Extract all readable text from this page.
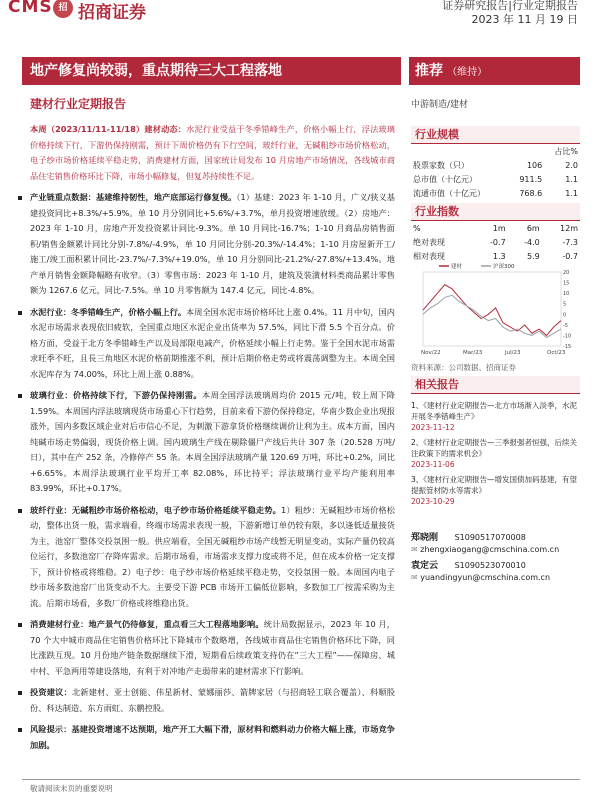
CMS 招 招商证券	证券研究报告|行业定期报告
2023 年 11 月 19 日
地产修复尚较弱，重点期待三大工程落地	推荐 （维持）
建材行业定期报告	中游制造/建材

本周（2023/11/11-11/18）建材动态：水泥行业受益于冬季错峰生产，价格小幅上行，浮法玻璃价格持续下行，下游仍保持刚需，预计下周价格仍有下行空间，玻纤行业，无碱粗纱市场价格松动，电子纱市场价格延续平稳走势，消费建材方面，国家统计局发布 10 月房地产市场情况，各线城市商品住宅销售价格环比下降，市场小幅修复，但复苏持续性不足。

产业链重点数据：基建维持韧性，地产底部运行修复慢。（1）基建：2023 年 1-10 月，广义/狭义基建投资同比+8.3%/+5.9%。单 10 月分别同比+5.6%/+3.7%，单月投资增速放缓。（2）房地产：2023 年 1-10 月，房地产开发投资累计同比-9.3%。单 10 月同比-16.7%；1-10 月商品房销售面积/销售金额累计同比分别-7.8%/-4.9%，单 10 月同比分别-20.3%/-14.4%；1-10 月房屋新开工/施工/竣工面积累计同比-23.7%/-7.3%/+19.0%，单 10 月分别同比-21.2%/-27.8%/+13.4%。地产单月销售金额降幅略有收窄。（3）零售市场：2023 年 1-10 月，建筑及装潢材料类商品累计零售额为 1267.6 亿元，同比-7.5%。单 10 月零售额为 147.4 亿元，同比-4.8%。

水泥行业：冬季错峰生产，价格小幅上行。本周全国水泥市场价格环比上涨 0.4%。11 月中旬，国内水泥市场需求表现依旧疲软，全国重点地区水泥企业出货率为 57.5%，同比下滑 5.5 个百分点。价格方面，受益于北方冬季错峰生产以及局部限电减产，价格延续小幅上行走势。鉴于全国水泥市场需求旺季不旺，且長三角地区水泥价格前期推涨不利，预计后期价格走势或将震荡调整为主。本周全国水泥库存为 74.00%，环比上周上涨 0.88%。

玻璃行业：价格持续下行，下游仍保持刚需。本周全国浮法玻璃周均价 2015 元/吨，较上周下降 1.59%。本周国内浮法玻璃现货市场重心下行趋势，目前来看下游仍保持稳定，华南少数企业出现报涨外，国内多数区域企业对后市信心不足，为刺激下游拿货价格继续调价让利为主。成本方面，国内纯碱市场走势偏弱，现货价格上调。国内玻璃生产线在剔除僵尸产线后共计 307 条（20.528 万吨/日），其中在产 252 条，冷修停产 55 条。本周全国浮法玻璃产量 120.69 万吨，环比+0.2%，同比+6.65%。本周浮法玻璃行业平均开工率 82.08%，环比持平；浮法玻璃行业平均产能利用率 83.99%，环比+0.17%。

玻纤行业：无碱粗纱市场价格松动，电子纱市场价格延续平稳走势。1）粗纱：无碱粗纱市场价格松动，整体出货一般，需求端看，终端市场需求表现一般，下游新增订单仍较有限，多以逢低适量接货为主，池窑厂整体交投氛围一般。供应端看，全国无碱粗纱市场产线暂无明显变动，实际产量仍较高位运行，多数池窑厂存降库需求。后期市场看，市场需求支撑力度或将不足，但在成本价格一定支撑下，预计价格或将维稳。2）电子纱：电子纱市场价格延续平稳走势，交投氛围一般。本周国内电子纱市场多数池窑厂出货变动不大。主要受下游 PCB 市场开工偏低位影响，多数加工厂按需采购为主流。后期市场看，多数厂价格或将维稳出货。

消费建材行业：地产景气仍待修复，重点看三大工程落地影响。统计局数据显示，2023 年 10 月，70 个大中城市商品住宅销售价格环比下降城市个数略增，各线城市商品住宅销售价格环比下降，同比涨跌互现。10 月份地产链条数据继续下滑，短期看后续政策支持仍在“三大工程”——保障房、城中村、平急两用等建设落地，有利于对冲地产走弱带来的建材需求下行影响。

投资建议：北新建材、亚士创能、伟星新材、蒙娜丽莎、箭牌家居（与招商轻工联合覆盖）、科顺股份、科达制造、东方雨虹、东鹏控股。

风险提示：基建投资增速不达预期，地产开工大幅下滑，原材料和燃料动力价格大幅上涨，市场竞争加剧。

行业规模
		占比%
股票家数（只）	106	2.0
总市值（十亿元）	911.5	1.1
流通市值（十亿元）	768.6	1.1
行业指数
%	1m	6m	12m
绝对表现	-0.7	-4.0	-7.3
相对表现	1.3	5.9	-0.7
20
15
10
5
0
-5
-10
-15
Nov/22	Mar/23	Jul/23	Oct/23
建材	沪深300
资料来源：公司数据、招商证券
相关报告
1、《建材行业定期报告—北方市场渐入淡季，水泥开展冬季错峰生产》
2023-11-12
2、《建材行业定期报告—三季报强者恒强，后续关注政策下的需求机会》
2023-11-06
3、《建材行业定期报告—增发国债加码基建，有望提振管材防水等需求》
2023-10-29
郑晓刚 S1090517070008
✉ zhengxiaogang@cmschina.com.cn
袁定云 S1090523070010
✉ yuandingyun@cmschina.com.cn
敬请阅读末页的重要说明
